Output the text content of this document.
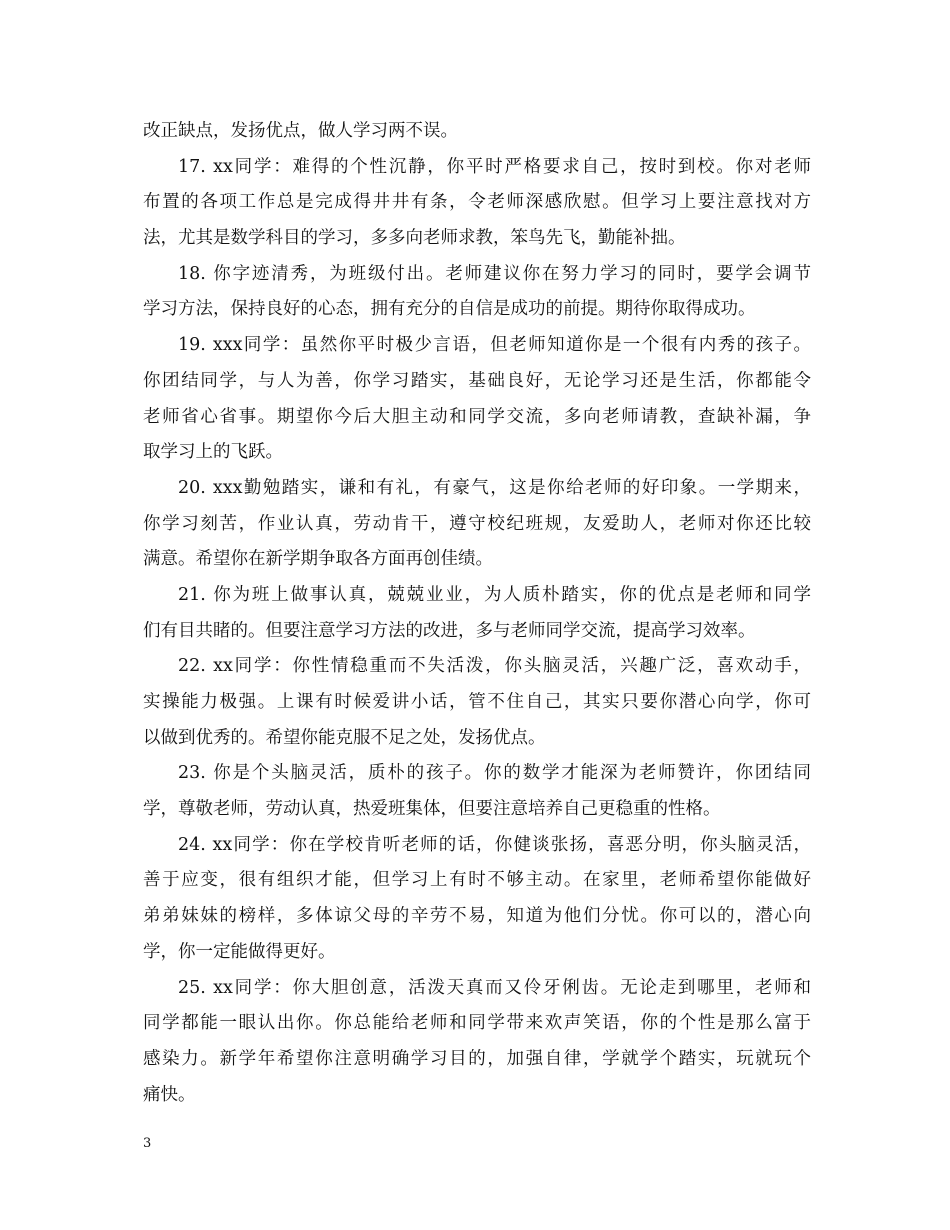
改正缺点，发扬优点，做人学习两不误。
17. xx同学：难得的个性沉静，你平时严格要求自己，按时到校。你对老师
布置的各项工作总是完成得井井有条，令老师深感欣慰。但学习上要注意找对方
法，尤其是数学科目的学习，多多向老师求教，笨鸟先飞，勤能补拙。
18. 你字迹清秀，为班级付出。老师建议你在努力学习的同时，要学会调节
学习方法，保持良好的心态，拥有充分的自信是成功的前提。期待你取得成功。
19. xxx同学：虽然你平时极少言语，但老师知道你是一个很有内秀的孩子。
你团结同学，与人为善，你学习踏实，基础良好，无论学习还是生活，你都能令
老师省心省事。期望你今后大胆主动和同学交流，多向老师请教，查缺补漏，争
取学习上的飞跃。
20. xxx勤勉踏实，谦和有礼，有豪气，这是你给老师的好印象。一学期来，
你学习刻苦，作业认真，劳动肯干，遵守校纪班规，友爱助人，老师对你还比较
满意。希望你在新学期争取各方面再创佳绩。
21. 你为班上做事认真，兢兢业业，为人质朴踏实，你的优点是老师和同学
们有目共睹的。但要注意学习方法的改进，多与老师同学交流，提高学习效率。
22. xx同学：你性情稳重而不失活泼，你头脑灵活，兴趣广泛，喜欢动手，
实操能力极强。上课有时候爱讲小话，管不住自己，其实只要你潜心向学，你可
以做到优秀的。希望你能克服不足之处，发扬优点。
23. 你是个头脑灵活，质朴的孩子。你的数学才能深为老师赞许，你团结同
学，尊敬老师，劳动认真，热爱班集体，但要注意培养自己更稳重的性格。
24. xx同学：你在学校肯听老师的话，你健谈张扬，喜恶分明，你头脑灵活，
善于应变，很有组织才能，但学习上有时不够主动。在家里，老师希望你能做好
弟弟妹妹的榜样，多体谅父母的辛劳不易，知道为他们分忧。你可以的，潜心向
学，你一定能做得更好。
25. xx同学：你大胆创意，活泼天真而又伶牙俐齿。无论走到哪里，老师和
同学都能一眼认出你。你总能给老师和同学带来欢声笑语，你的个性是那么富于
感染力。新学年希望你注意明确学习目的，加强自律，学就学个踏实，玩就玩个
痛快。
3
